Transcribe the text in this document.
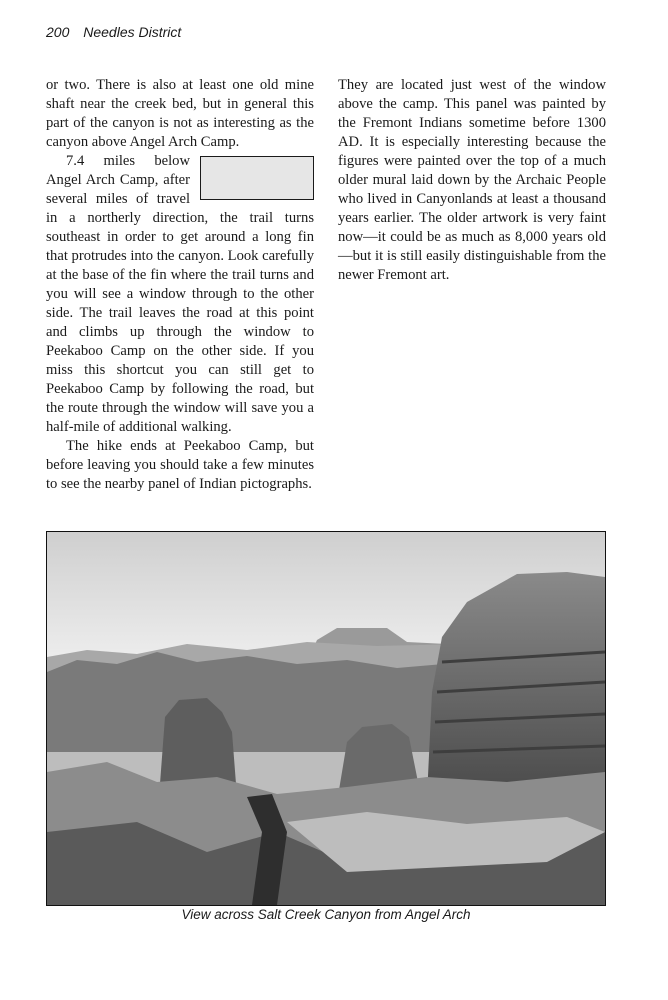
200 Needles District

or two. There is also at least one old mine shaft near the creek bed, but in general this part of the canyon is not as interesting as the canyon above Angel Arch Camp.

7.4 miles below Angel Arch Camp, after several miles of travel in a northerly direction, the trail turns southeast in order to get around a long fin that protrudes into the canyon. Look carefully at the base of the fin where the trail turns and you will see a window through to the other side. The trail leaves the road at this point and climbs up through the window to Peekaboo Camp on the other side. If you miss this shortcut you can still get to Peekaboo Camp by following the road, but the route through the window will save you a half-mile of additional walking.

The hike ends at Peekaboo Camp, but before leaving you should take a few minutes to see the nearby panel of Indian pictographs.

They are located just west of the window above the camp. This panel was painted by the Fremont Indians sometime before 1300 AD. It is especially interesting because the figures were painted over the top of a much older mural laid down by the Archaic People who lived in Canyonlands at least a thousand years earlier. The older artwork is very faint now—it could be as much as 8,000 years old—but it is still easily distinguishable from the newer Fremont art.

View across Salt Creek Canyon from Angel Arch
